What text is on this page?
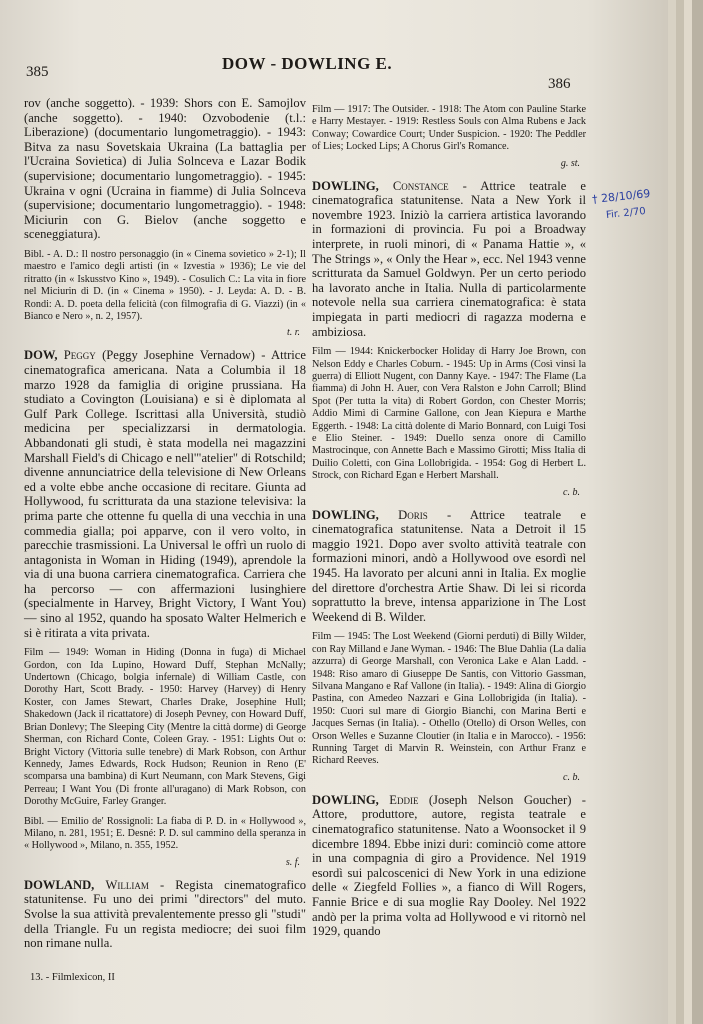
385	DOW - DOWLING E.
386

rov (anche soggetto). - 1939: Shors con E. Samojlov (anche soggetto). - 1940: Ozvobodenie (t.l.: Liberazione) (documentario lungometraggio). - 1943: Bitva za nasu Sovetskaia Ukraina (La battaglia per l'Ucraina Sovietica) di Julia Solnceva e Lazar Bodik (supervisione; documentario lungometraggio). - 1945: Ukraina v ogni (Ucraina in fiamme) di Julia Solnceva (supervisione; documentario lungometraggio). - 1948: Miciurin con G. Bielov (anche soggetto e sceneggiatura).

Bibl. - A. D.: Il nostro personaggio (in « Cinema sovietico » 2-1); Il maestro e l'amico degli artisti (in « Izvestia » 1936); Le vie del ritratto (in « Iskusstvo Kino », 1949). - Cosulich C.: La vita in fiore nel Miciurin di D. (in « Cinema » 1950). - J. Leyda: A. D. - B. Rondi: A. D. poeta della felicità (con filmografia di G. Viazzi) (in « Bianco e Nero », n. 2, 1957).

t. r.

DOW, Peggy (Peggy Josephine Vernadow) - Attrice cinematografica americana. Nata a Columbia il 18 marzo 1928 da famiglia di origine prussiana. Ha studiato a Covington (Louisiana) e si è diplomata al Gulf Park College. Iscrittasi alla Università, studiò medicina per specializzarsi in dermatologia. Abbandonati gli studi, è stata modella nei magazzini Marshall Field's di Chicago e nell'"atelier" di Rotschild; divenne annunciatrice della televisione di New Orleans ed a volte ebbe anche occasione di recitare. Giunta ad Hollywood, fu scritturata da una stazione televisiva: la prima parte che ottenne fu quella di una vecchia in una commedia gialla; poi apparve, con il vero volto, in parecchie trasmissioni. La Universal le offrì un ruolo di antagonista in Woman in Hiding (1949), aprendole la via di una buona carriera cinematografica. Carriera che ha percorso — con affermazioni lusinghiere (specialmente in Harvey, Bright Victory, I Want You) — sino al 1952, quando ha sposato Walter Helmerich e si è ritirata a vita privata.

Film — 1949: Woman in Hiding (Donna in fuga) di Michael Gordon, con Ida Lupino, Howard Duff, Stephan McNally; Undertown (Chicago, bolgia infernale) di William Castle, con Dorothy Hart, Scott Brady. - 1950: Harvey (Harvey) di Henry Koster, con James Stewart, Charles Drake, Josephine Hull; Shakedown (Jack il ricattatore) di Joseph Pevney, con Howard Duff, Brian Donlevy; The Sleeping City (Mentre la città dorme) di George Sherman, con Richard Conte, Coleen Gray. - 1951: Lights Out o: Bright Victory (Vittoria sulle tenebre) di Mark Robson, con Arthur Kennedy, James Edwards, Rock Hudson; Reunion in Reno (E' scomparsa una bambina) di Kurt Neumann, con Mark Stevens, Gigi Perreau; I Want You (Di fronte all'uragano) di Mark Robson, con Dorothy McGuire, Farley Granger.

Bibl. — Emilio de' Rossignoli: La fiaba di P. D. in « Hollywood », Milano, n. 281, 1951; E. Desné: P. D. sul cammino della speranza in « Hollywood », Milano, n. 355, 1952.

s. f.

DOWLAND, William - Regista cinematografico statunitense. Fu uno dei primi "directors" del muto. Svolse la sua attività prevalentemente presso gli "studi" della Triangle. Fu un regista mediocre; dei suoi film non rimane nulla.

Film — 1917: The Outsider. - 1918: The Atom con Pauline Starke e Harry Mestayer. - 1919: Restless Souls con Alma Rubens e Jack Conway; Cowardice Court; Under Suspicion. - 1920: The Peddler of Lies; Locked Lips; A Chorus Girl's Romance.

g. st.

DOWLING, Constance - Attrice teatrale e cinematografica statunitense. Nata a New York il novembre 1923. Iniziò la carriera artistica lavorando in formazioni di provincia. Fu poi a Broadway interprete, in ruoli minori, di « Panama Hattie », « The Strings », « Only the Hear », ecc. Nel 1943 venne scritturata da Samuel Goldwyn. Per un certo periodo ha lavorato anche in Italia. Nulla di particolarmente notevole nella sua carriera cinematografica: è stata impiegata in parti mediocri di ragazza moderna e ambiziosa.

Film — 1944: Knickerbocker Holiday di Harry Joe Brown, con Nelson Eddy e Charles Coburn. - 1945: Up in Arms (Così vinsi la guerra) di Elliott Nugent, con Danny Kaye. - 1947: The Flame (La fiamma) di John H. Auer, con Vera Ralston e John Carroll; Blind Spot (Per tutta la vita) di Robert Gordon, con Chester Morris; Addio Mimì di Carmine Gallone, con Jean Kiepura e Marthe Eggerth. - 1948: La città dolente di Mario Bonnard, con Luigi Tosi e Elio Steiner. - 1949: Duello senza onore di Camillo Mastrocinque, con Annette Bach e Massimo Girotti; Miss Italia di Duilio Coletti, con Gina Lollobrigida. - 1954: Gog di Herbert L. Strock, con Richard Egan e Herbert Marshall.

c. b.

DOWLING, Doris - Attrice teatrale e cinematografica statunitense. Nata a Detroit il 15 maggio 1921. Dopo aver svolto attività teatrale con formazioni minori, andò a Hollywood ove esordì nel 1945. Ha lavorato per alcuni anni in Italia. Ex moglie del direttore d'orchestra Artie Shaw. Di lei si ricorda soprattutto la breve, intensa apparizione in The Lost Weekend di B. Wilder.

Film — 1945: The Lost Weekend (Giorni perduti) di Billy Wilder, con Ray Milland e Jane Wyman. - 1946: The Blue Dahlia (La dalia azzurra) di George Marshall, con Veronica Lake e Alan Ladd. - 1948: Riso amaro di Giuseppe De Santis, con Vittorio Gassman, Silvana Mangano e Raf Vallone (in Italia). - 1949: Alina di Giorgio Pastina, con Amedeo Nazzari e Gina Lollobrigida (in Italia). - 1950: Cuori sul mare di Giorgio Bianchi, con Marina Berti e Jacques Sernas (in Italia). - Othello (Otello) di Orson Welles, con Orson Welles e Suzanne Cloutier (in Italia e in Marocco). - 1956: Running Target di Marvin R. Weinstein, con Arthur Franz e Richard Reeves.

c. b.

DOWLING, Eddie (Joseph Nelson Goucher) - Attore, produttore, autore, regista teatrale e cinematografico statunitense. Nato a Woonsocket il 9 dicembre 1894. Ebbe inizi duri: cominciò come attore in una compagnia di giro a Providence. Nel 1919 esordì sui palcoscenici di New York in una edizione delle « Ziegfeld Follies », a fianco di Will Rogers, Fannie Brice e di sua moglie Ray Dooley. Nel 1922 andò per la prima volta ad Hollywood e vi ritornò nel 1929, quando

† 28/10/69
Fir. 2/70
13. - Filmlexicon, II
